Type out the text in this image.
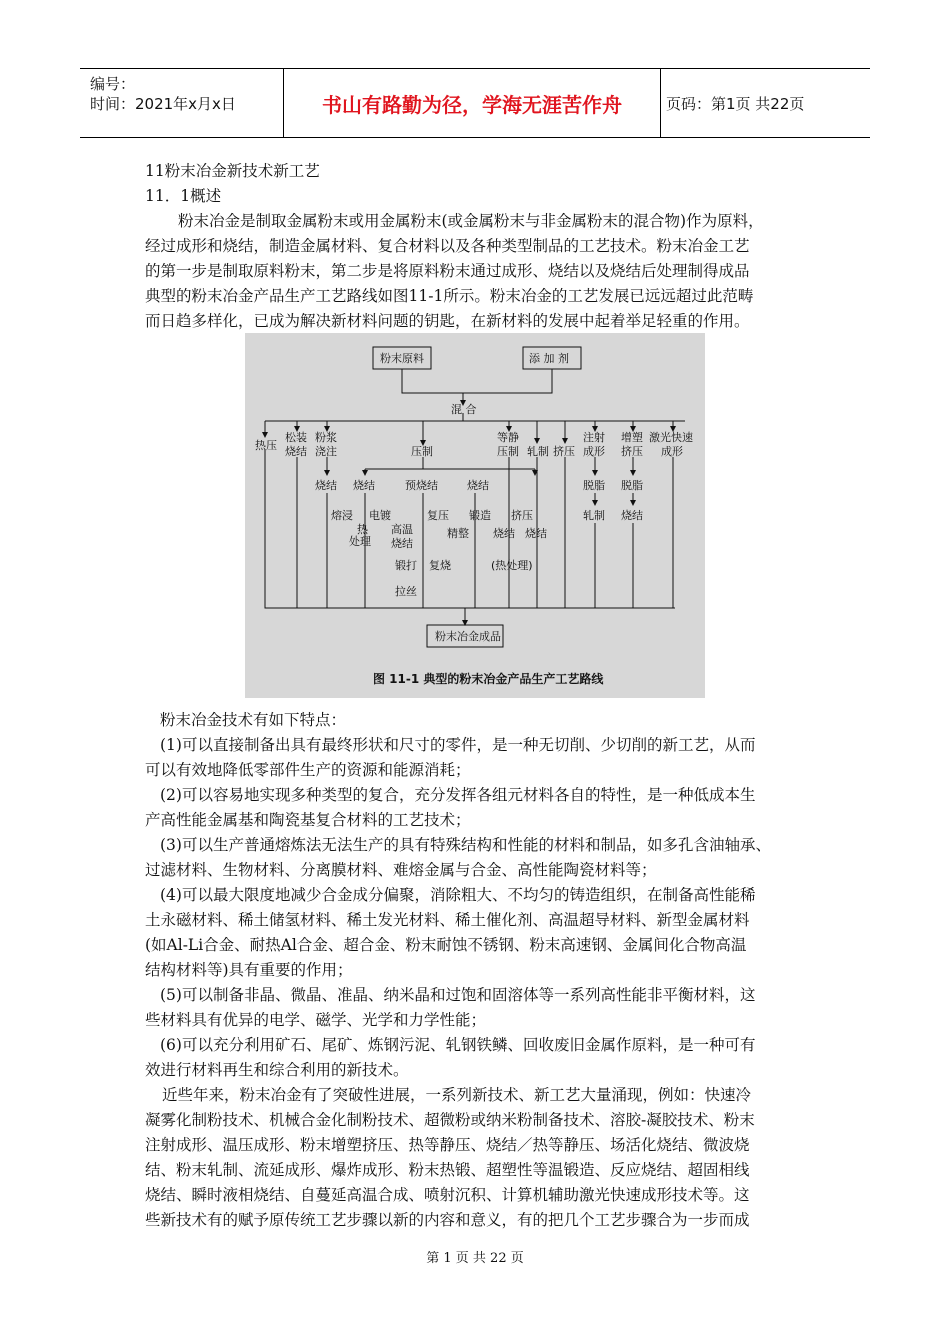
编号：
时间：2021年x月x日	书山有路勤为径，学海无涯苦作舟	页码：第1页 共22页
11粉末冶金新技术新工艺
11．1概述
粉末冶金是制取金属粉末或用金属粉末(或金属粉末与非金属粉末的混合物)作为原料，
经过成形和烧结，制造金属材料、复合材料以及各种类型制品的工艺技术。粉末冶金工艺
的第一步是制取原料粉末，第二步是将原料粉末通过成形、烧结以及烧结后处理制得成品
典型的粉末冶金产品生产工艺路线如图11-1所示。粉末冶金的工艺发展已远远超过此范畴
而日趋多样化，已成为解决新材料问题的钥匙，在新材料的发展中起着举足轻重的作用。
粉末原料	添 加 剂
粉末冶金成品
混 合
热压
松装
烧结
粉浆
浇注	压制
等静
压制 轧制 挤压
注射
成形
增塑
挤压
激光快速
成形
烧结 烧结	预烧结	烧结	脱脂 脱脂
熔浸 电镀	复压 锻造 挤压	轧制 烧结
热
处理
高温
烧结
精整 烧结 烧结
锻打 复烧	(热处理)
拉丝
图 11-1 典型的粉末冶金产品生产工艺路线
粉末冶金技术有如下特点：
(1)可以直接制备出具有最终形状和尺寸的零件，是一种无切削、少切削的新工艺，从而
可以有效地降低零部件生产的资源和能源消耗；
(2)可以容易地实现多种类型的复合，充分发挥各组元材料各自的特性，是一种低成本生
产高性能金属基和陶瓷基复合材料的工艺技术；
(3)可以生产普通熔炼法无法生产的具有特殊结构和性能的材料和制品，如多孔含油轴承、
过滤材料、生物材料、分离膜材料、难熔金属与合金、高性能陶瓷材料等；
(4)可以最大限度地减少合金成分偏聚，消除粗大、不均匀的铸造组织，在制备高性能稀
土永磁材料、稀土储氢材料、稀土发光材料、稀土催化剂、高温超导材料、新型金属材料
(如Al-Li合金、耐热Al合金、超合金、粉末耐蚀不锈钢、粉末高速钢、金属间化合物高温
结构材料等)具有重要的作用；
(5)可以制备非晶、微晶、准晶、纳米晶和过饱和固溶体等一系列高性能非平衡材料，这
些材料具有优异的电学、磁学、光学和力学性能；
(6)可以充分利用矿石、尾矿、炼钢污泥、轧钢铁鳞、回收废旧金属作原料，是一种可有
效进行材料再生和综合利用的新技术。
近些年来，粉末冶金有了突破性进展，一系列新技术、新工艺大量涌现，例如：快速冷
凝雾化制粉技术、机械合金化制粉技术、超微粉或纳米粉制备技术、溶胶-凝胶技术、粉末
注射成形、温压成形、粉末增塑挤压、热等静压、烧结／热等静压、场活化烧结、微波烧
结、粉末轧制、流延成形、爆炸成形、粉末热锻、超塑性等温锻造、反应烧结、超固相线
烧结、瞬时液相烧结、自蔓延高温合成、喷射沉积、计算机辅助激光快速成形技术等。这
些新技术有的赋予原传统工艺步骤以新的内容和意义，有的把几个工艺步骤合为一步而成
第 1 页 共 22 页
